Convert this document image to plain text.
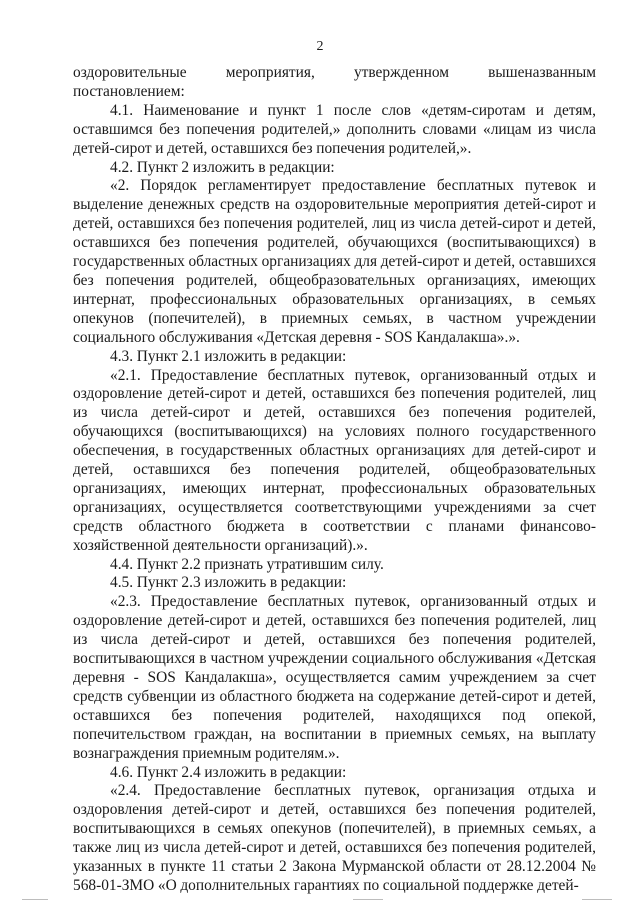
2

оздоровительные мероприятия, утвержденном вышеназванным постановлением:

4.1. Наименование и пункт 1 после слов «детям-сиротам и детям, оставшимся без попечения родителей,» дополнить словами «лицам из числа детей-сирот и детей, оставшихся без попечения родителей,».

4.2. Пункт 2 изложить в редакции:

«2. Порядок регламентирует предоставление бесплатных путевок и выделение денежных средств на оздоровительные мероприятия детей-сирот и детей, оставшихся без попечения родителей, лиц из числа детей-сирот и детей, оставшихся без попечения родителей, обучающихся (воспитывающихся) в государственных областных организациях для детей-сирот и детей, оставшихся без попечения родителей, общеобразовательных организациях, имеющих интернат, профессиональных образовательных организациях, в семьях опекунов (попечителей), в приемных семьях, в частном учреждении социального обслуживания «Детская деревня - SOS Кандалакша».».

4.3. Пункт 2.1 изложить в редакции:

«2.1. Предоставление бесплатных путевок, организованный отдых и оздоровление детей-сирот и детей, оставшихся без попечения родителей, лиц из числа детей-сирот и детей, оставшихся без попечения родителей, обучающихся (воспитывающихся) на условиях полного государственного обеспечения, в государственных областных организациях для детей-сирот и детей, оставшихся без попечения родителей, общеобразовательных организациях, имеющих интернат, профессиональных образовательных организациях, осуществляется соответствующими учреждениями за счет средств областного бюджета в соответствии с планами финансово-хозяйственной деятельности организаций).».

4.4. Пункт 2.2 признать утратившим силу.

4.5. Пункт 2.3 изложить в редакции:

«2.3. Предоставление бесплатных путевок, организованный отдых и оздоровление детей-сирот и детей, оставшихся без попечения родителей, лиц из числа детей-сирот и детей, оставшихся без попечения родителей, воспитывающихся в частном учреждении социального обслуживания «Детская деревня - SOS Кандалакша», осуществляется самим учреждением за счет средств субвенции из областного бюджета на содержание детей-сирот и детей, оставшихся без попечения родителей, находящихся под опекой, попечительством граждан, на воспитании в приемных семьях, на выплату вознаграждения приемным родителям.».

4.6. Пункт 2.4 изложить в редакции:

«2.4. Предоставление бесплатных путевок, организация отдыха и оздоровления детей-сирот и детей, оставшихся без попечения родителей, воспитывающихся в семьях опекунов (попечителей), в приемных семьях, а также лиц из числа детей-сирот и детей, оставшихся без попечения родителей, указанных в пункте 11 статьи 2 Закона Мурманской области от 28.12.2004 № 568-01-ЗМО «О дополнительных гарантиях по социальной поддержке детей-
